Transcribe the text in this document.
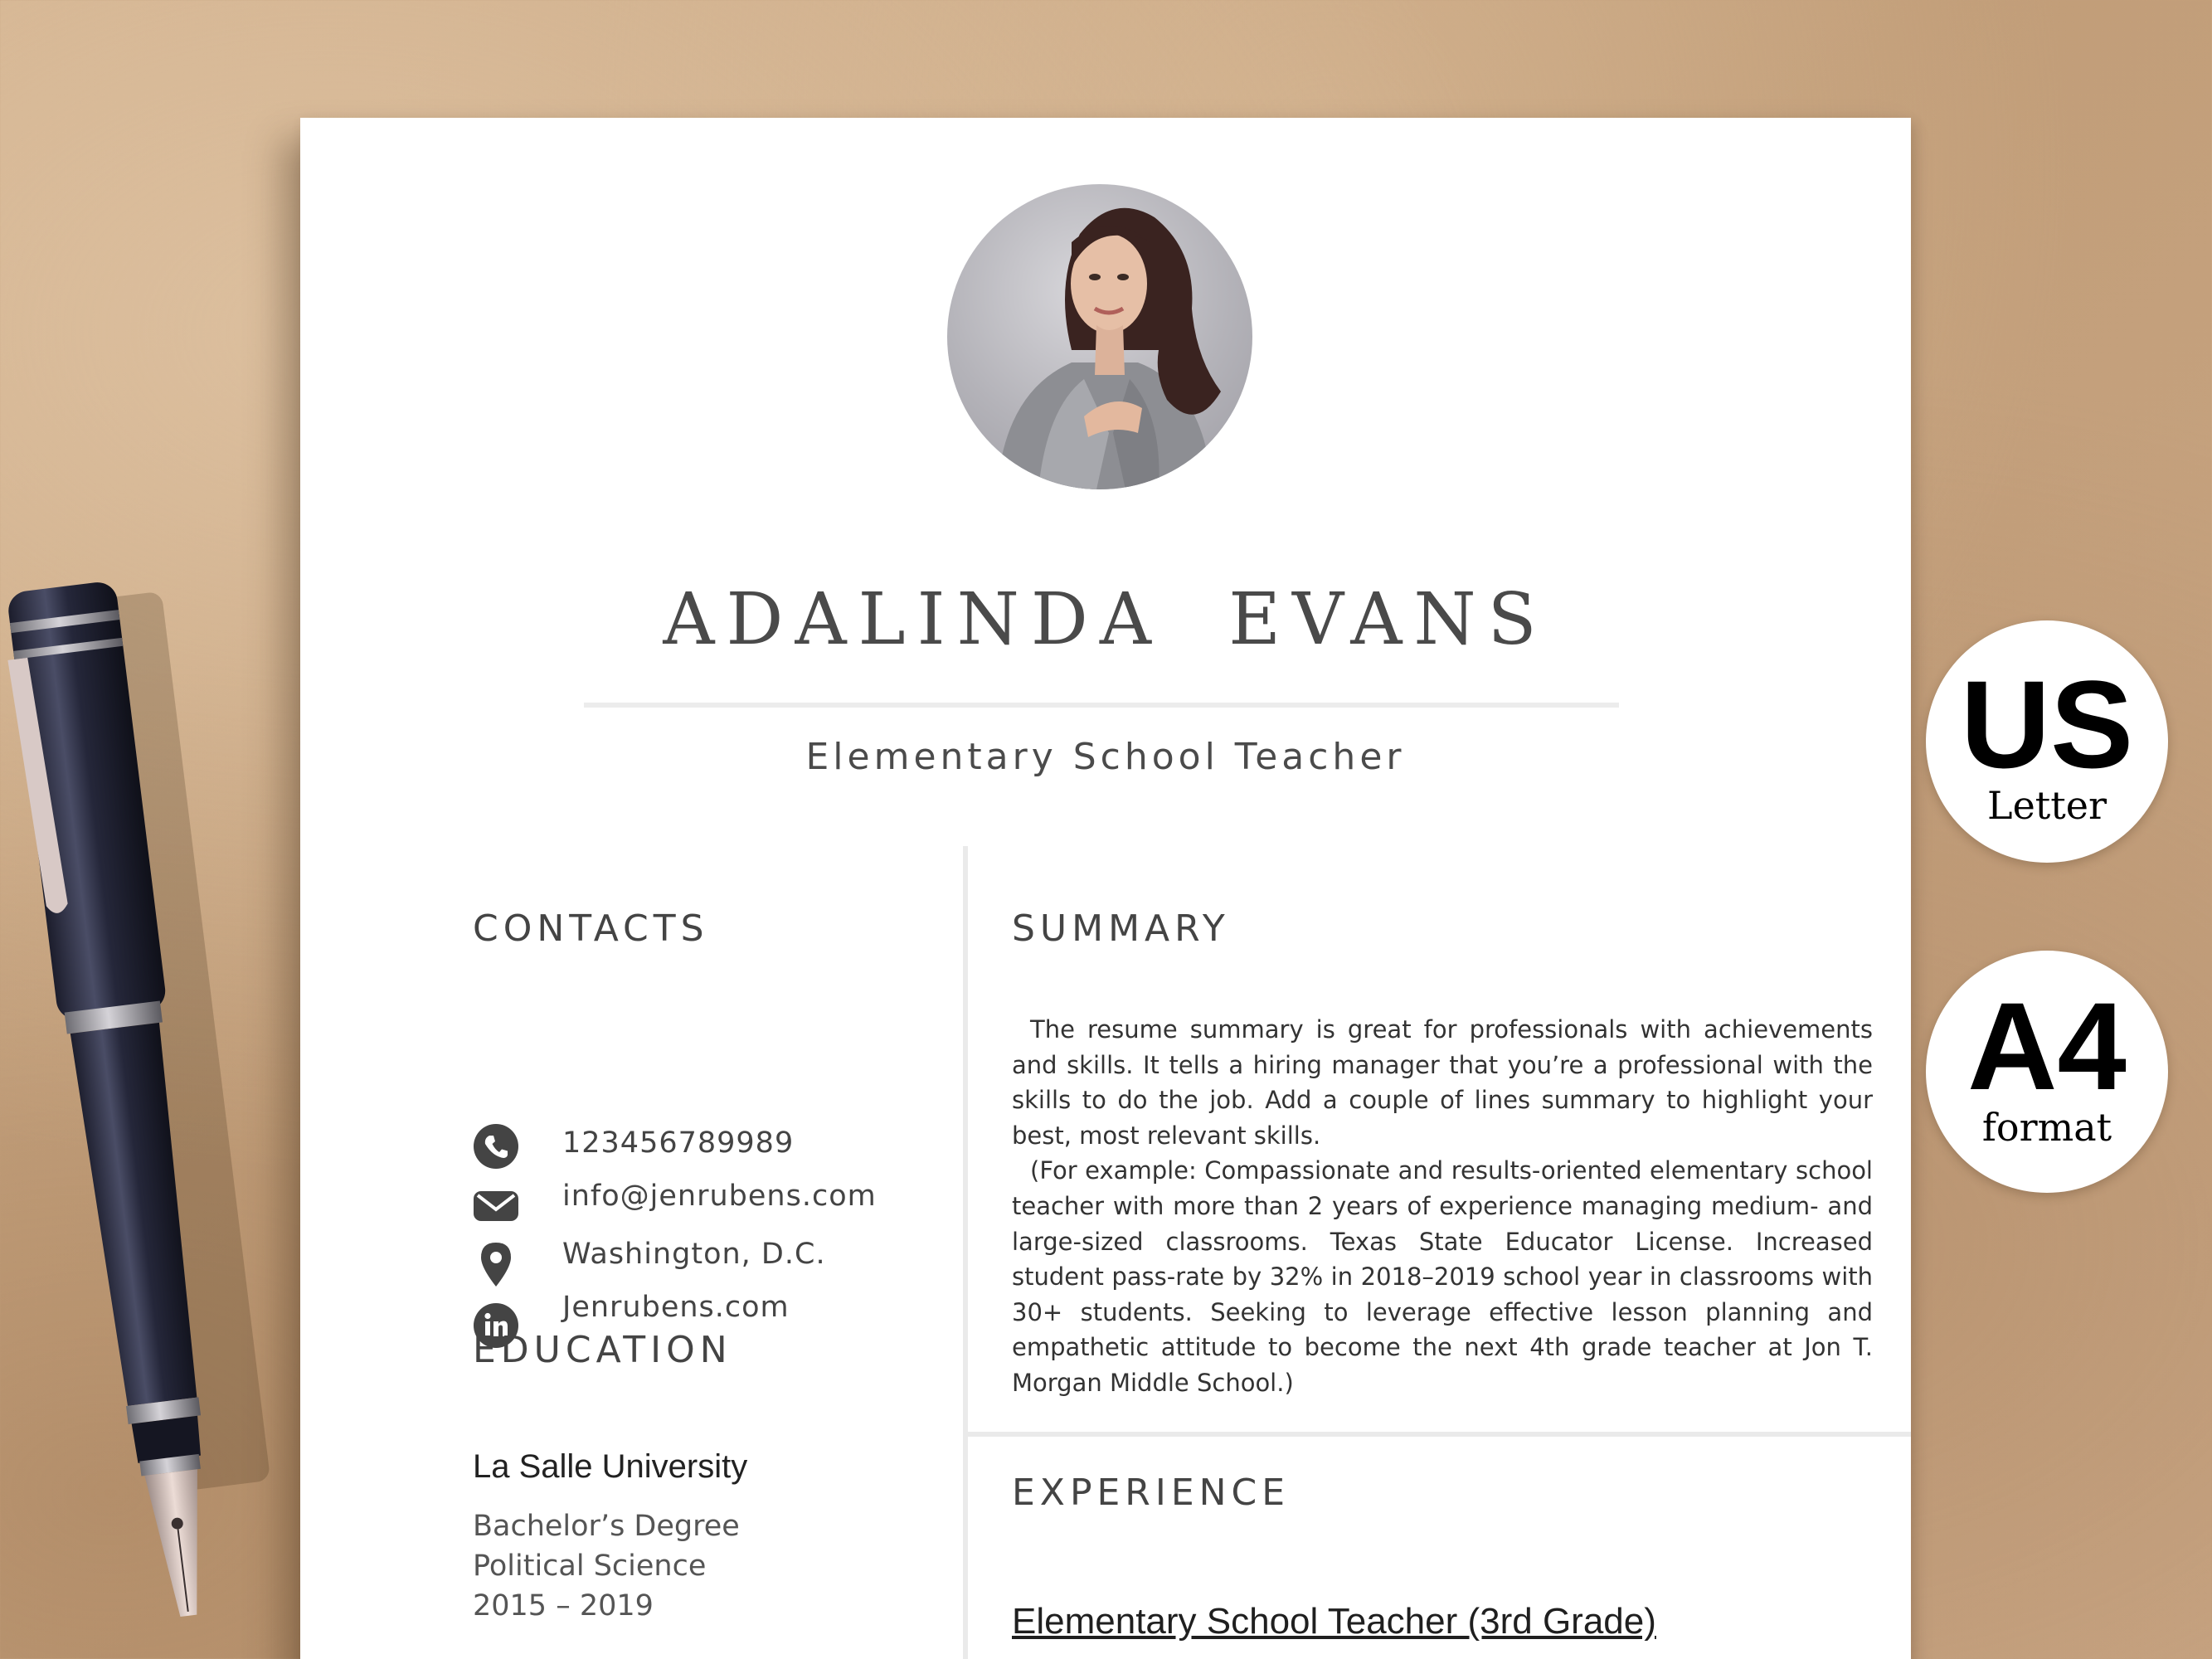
ADALINDA EVANS
Elementary School Teacher
CONTACTS
123456789989
info@jenrubens.com
Washington, D.C.
Jenrubens.com
EDUCATION
La Salle University
Bachelor’s Degree
Political Science
2015 – 2019
SUMMARY

The resume summary is great for professionals with achievements and skills. It tells a hiring manager that you’re a professional with the skills to do the job. Add a couple of lines summary to highlight your best, most relevant skills.

(For example: Compassionate and results-oriented elementary school teacher with more than 2 years of experience managing medium- and large-sized classrooms. Texas State Educator License. Increased student pass-rate by 32% in 2018–2019 school year in classrooms with 30+ students. Seeking to leverage effective lesson planning and empathetic attitude to become the next 4th grade teacher at Jon T. Morgan Middle School.)

EXPERIENCE
Elementary School Teacher (3rd Grade)
US
Letter
A4
format
